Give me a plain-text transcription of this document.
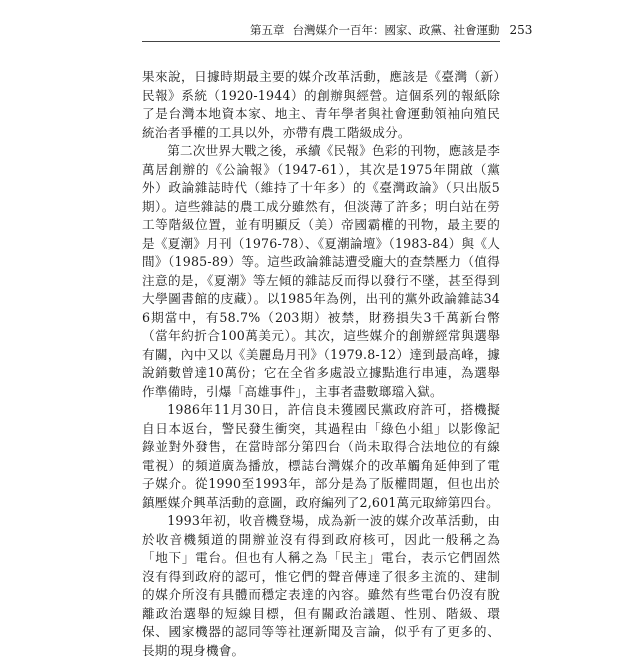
第五章 台灣媒介一百年：國家、政黨、社會運動 253

果來說，日據時期最主要的媒介改革活動，應該是《臺灣（新）民報》系統（1920-1944）的創辦與經營。這個系列的報紙除了是台灣本地資本家、地主、青年學者與社會運動領袖向殖民統治者爭權的工具以外，亦帶有農工階級成分。

第二次世界大戰之後，承續《民報》色彩的刊物，應該是李萬居創辦的《公論報》（1947-61），其次是1975年開啟（黨外）政論雜誌時代（維持了十年多）的《臺灣政論》（只出版5期）。這些雜誌的農工成分雖然有，但淡薄了許多；明白站在勞工等階級位置，並有明顯反（美）帝國霸權的刊物，最主要的是《夏潮》月刊（1976-78）、《夏潮論壇》（1983-84）與《人間》（1985-89）等。這些政論雜誌遭受龐大的查禁壓力（值得注意的是，《夏潮》等左傾的雜誌反而得以發行不墜，甚至得到大學圖書館的庋藏）。以1985年為例，出刊的黨外政論雜誌346期當中，有58.7%（203期）被禁，財務損失3千萬新台幣（當年約折合100萬美元）。其次，這些媒介的創辦經常與選舉有關，內中又以《美麗島月刊》（1979.8-12）達到最高峰，據說銷數曾達10萬份；它在全省多處設立據點進行串連，為選舉作準備時，引爆「高雄事件」，主事者盡數瑯璫入獄。

1986年11月30日，許信良未獲國民黨政府許可，搭機擬自日本返台，警民發生衝突，其過程由「綠色小組」以影像記錄並對外發售，在當時部分第四台（尚未取得合法地位的有線電視）的頻道廣為播放，標誌台灣媒介的改革觸角延伸到了電子媒介。從1990至1993年，部分是為了版權問題，但也出於鎮壓媒介興革活動的意圖，政府編列了2,601萬元取締第四台。

1993年初，收音機登場，成為新一波的媒介改革活動，由於收音機頻道的開辦並沒有得到政府核可，因此一般稱之為「地下」電台。但也有人稱之為「民主」電台，表示它們固然沒有得到政府的認可，惟它們的聲音傳達了很多主流的、建制的媒介所沒有具體而穩定表達的內容。雖然有些電台仍沒有脫離政治選舉的短線目標，但有關政治議題、性別、階級、環保、國家機器的認同等等社運新聞及言論，似乎有了更多的、長期的現身機會。
